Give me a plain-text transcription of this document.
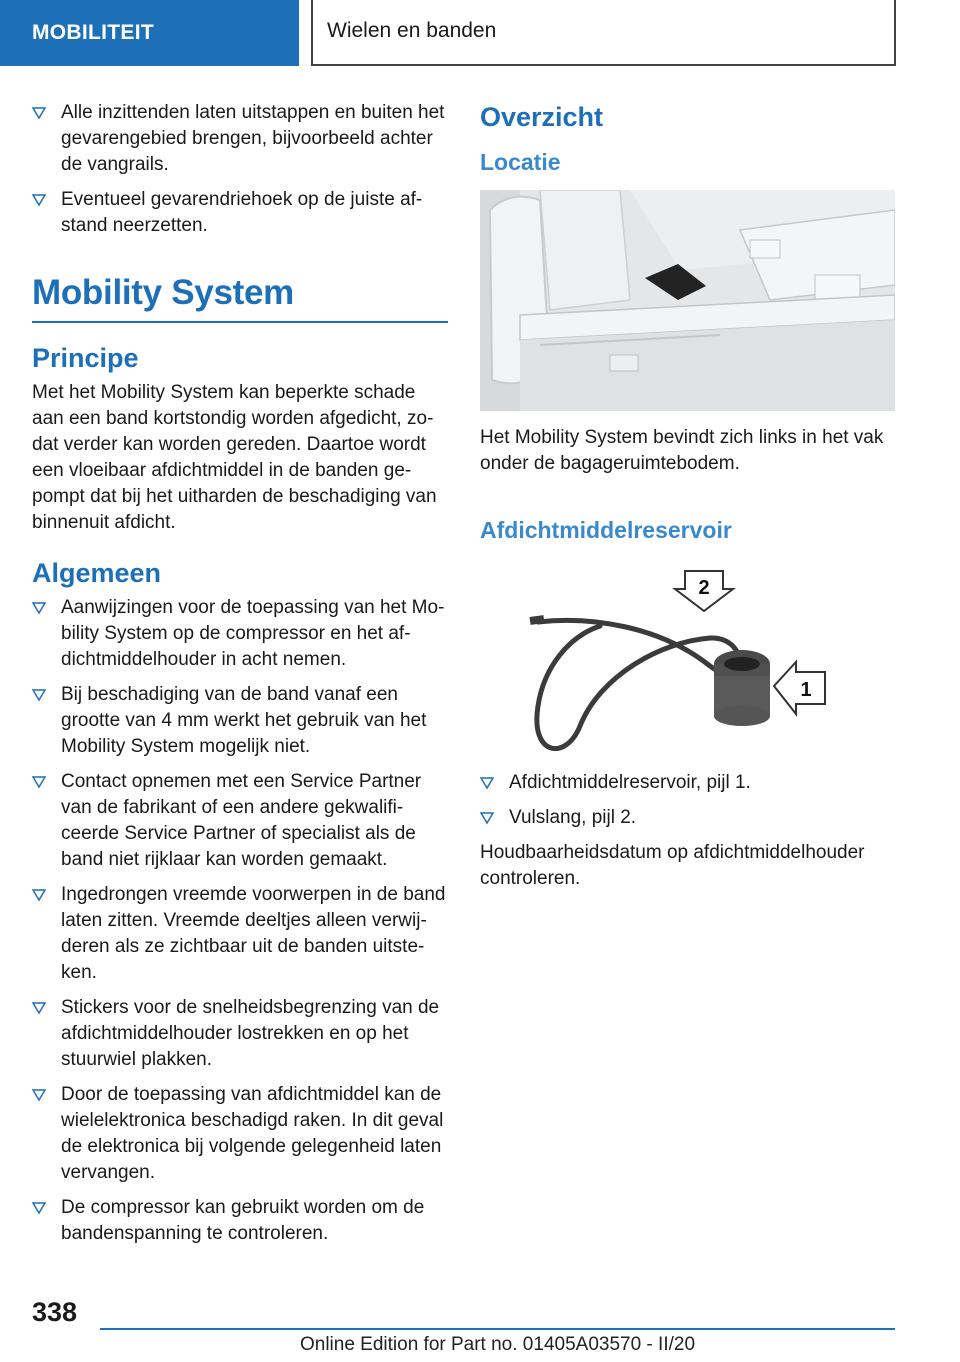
MOBILITEIT	Wielen en banden
Alle inzittenden laten uitstappen en buiten het gevarengebied brengen, bijvoorbeeld achter de vangrails.
Eventueel gevarendriehoek op de juiste afstand neerzetten.
Mobility System
Principe
Met het Mobility System kan beperkte schade aan een band kortstondig worden afgedicht, zodat verder kan worden gereden. Daartoe wordt een vloeibaar afdichtmiddel in de banden gepompt dat bij het uitharden de beschadiging van binnenuit afdicht.
Algemeen
Aanwijzingen voor de toepassing van het Mobility System op de compressor en het afdichtmiddelhouder in acht nemen.
Bij beschadiging van de band vanaf een grootte van 4 mm werkt het gebruik van het Mobility System mogelijk niet.
Contact opnemen met een Service Partner van de fabrikant of een andere gekwalificeerde Service Partner of specialist als de band niet rijklaar kan worden gemaakt.
Ingedrongen vreemde voorwerpen in de band laten zitten. Vreemde deeltjes alleen verwijderen als ze zichtbaar uit de banden uitsteken.
Stickers voor de snelheidsbegrenzing van de afdichtmiddelhouder lostrekken en op het stuurwiel plakken.
Door de toepassing van afdichtmiddel kan de wielelektronica beschadigd raken. In dit geval de elektronica bij volgende gelegenheid laten vervangen.
De compressor kan gebruikt worden om de bandenspanning te controleren.
Overzicht
Locatie
Het Mobility System bevindt zich links in het vak onder de bagageruimtebodem.
Afdichtmiddelreservoir
2
1
Afdichtmiddelreservoir, pijl 1.
Vulslang, pijl 2.
Houdbaarheidsdatum op afdichtmiddelhouder controleren.
338
Online Edition for Part no. 01405A03570 - II/20
